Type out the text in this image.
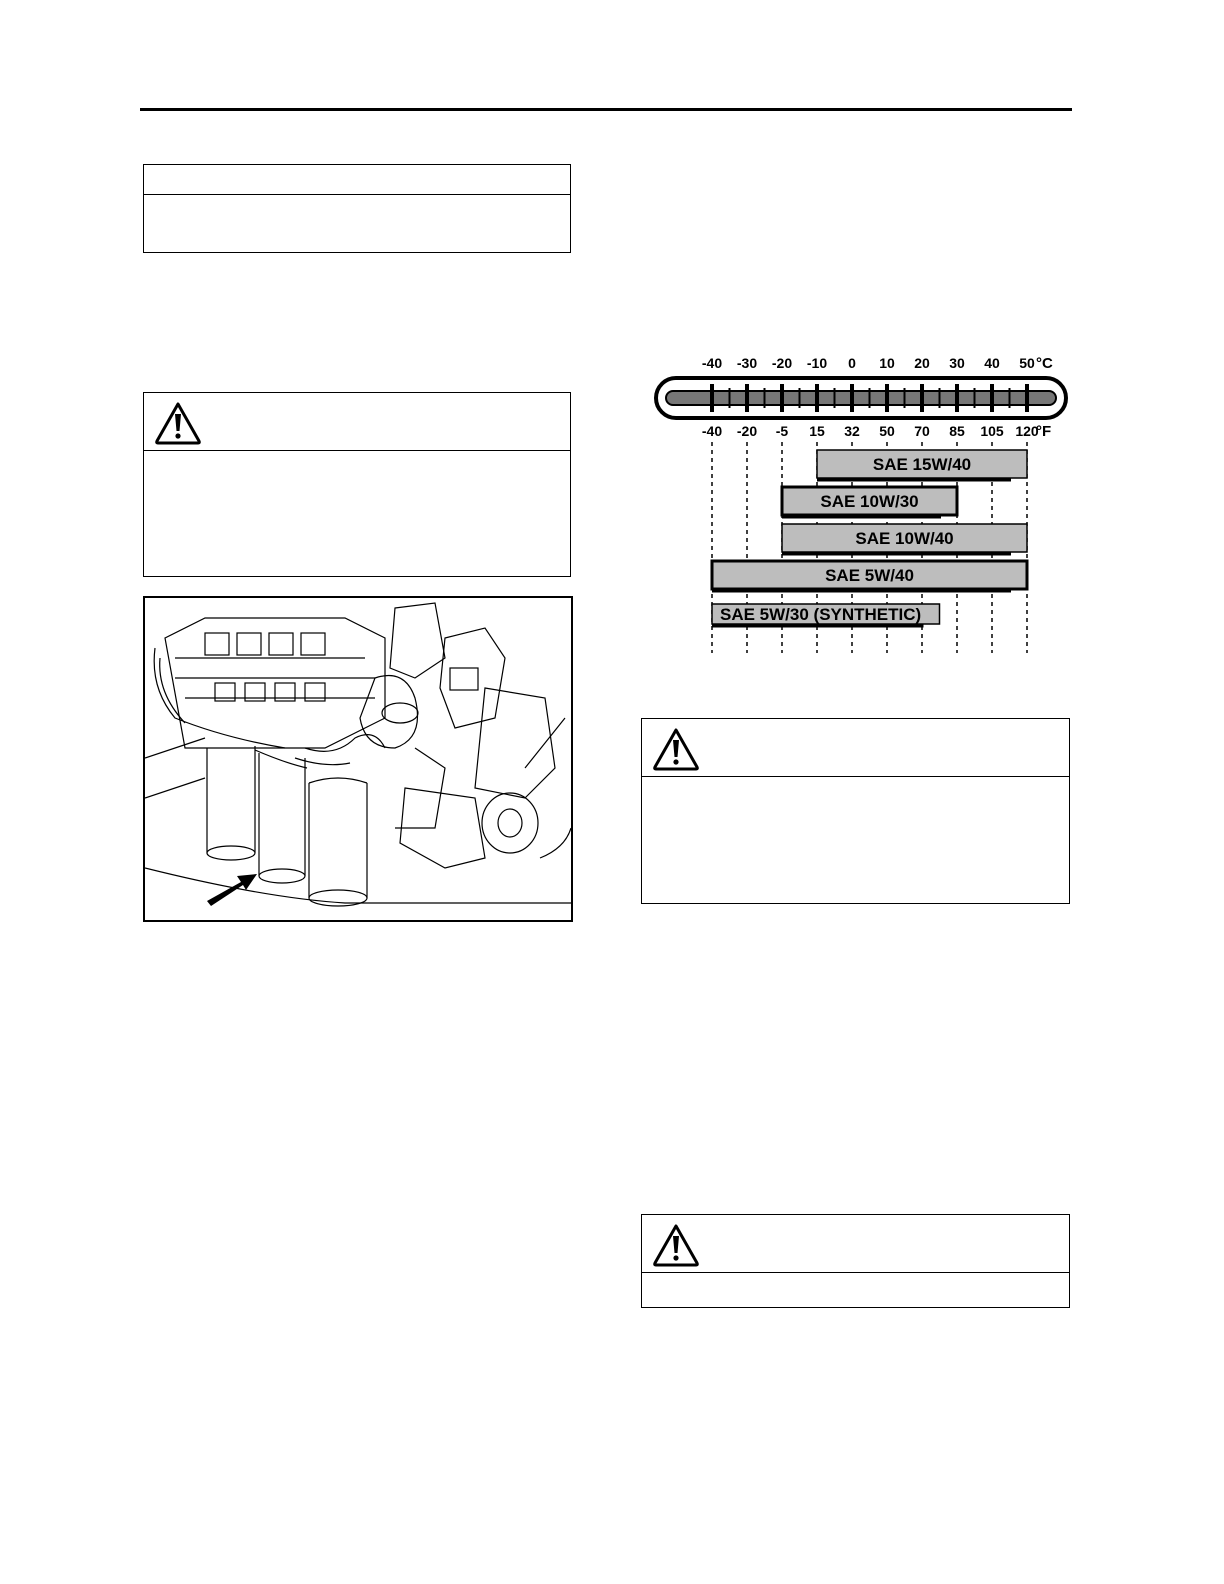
-40 -30 -20 -10 0 10 20 30 40 50 °C
-40 -20 -5 15 32 50 70 85 105 120
°F
SAE 15W/40
SAE 10W/30
SAE 10W/40
SAE 5W/40
SAE 5W/30 (SYNTHETIC)
